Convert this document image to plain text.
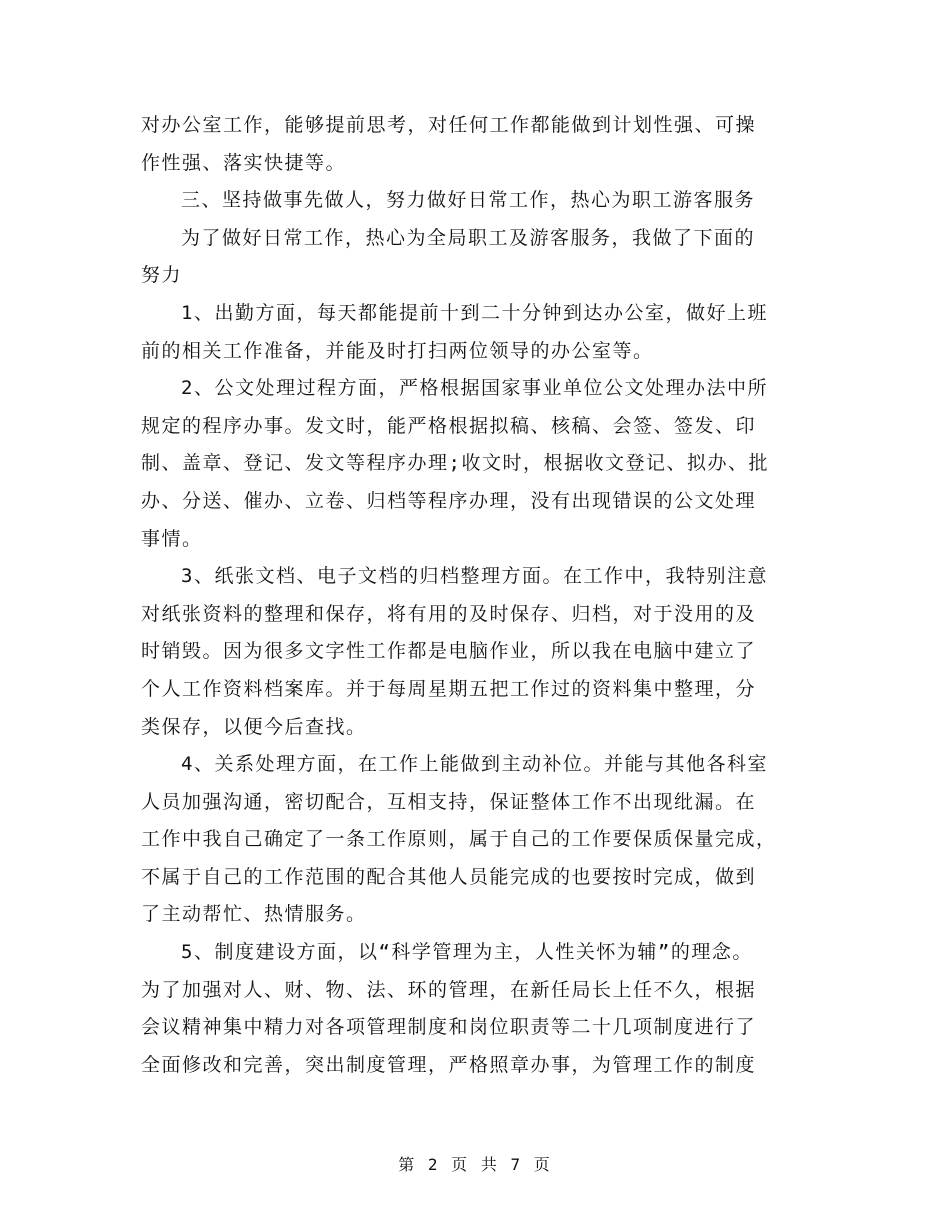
对办公室工作，能够提前思考，对任何工作都能做到计划性强、可操
作性强、落实快捷等。
三、坚持做事先做人，努力做好日常工作，热心为职工游客服务
为了做好日常工作，热心为全局职工及游客服务，我做了下面的
努力
1、出勤方面，每天都能提前十到二十分钟到达办公室，做好上班
前的相关工作准备，并能及时打扫两位领导的办公室等。
2、公文处理过程方面，严格根据国家事业单位公文处理办法中所
规定的程序办事。发文时，能严格根据拟稿、核稿、会签、签发、印
制、盖章、登记、发文等程序办理;收文时，根据收文登记、拟办、批
办、分送、催办、立卷、归档等程序办理，没有出现错误的公文处理
事情。
3、纸张文档、电子文档的归档整理方面。在工作中，我特别注意
对纸张资料的整理和保存，将有用的及时保存、归档，对于没用的及
时销毁。因为很多文字性工作都是电脑作业，所以我在电脑中建立了
个人工作资料档案库。并于每周星期五把工作过的资料集中整理，分
类保存，以便今后查找。
4、关系处理方面，在工作上能做到主动补位。并能与其他各科室
人员加强沟通，密切配合，互相支持，保证整体工作不出现纰漏。在
工作中我自己确定了一条工作原则，属于自己的工作要保质保量完成，
不属于自己的工作范围的配合其他人员能完成的也要按时完成，做到
了主动帮忙、热情服务。
5、制度建设方面，以“科学管理为主，人性关怀为辅”的理念。
为了加强对人、财、物、法、环的管理，在新任局长上任不久，根据
会议精神集中精力对各项管理制度和岗位职责等二十几项制度进行了
全面修改和完善，突出制度管理，严格照章办事，为管理工作的制度
第 2 页 共 7 页
